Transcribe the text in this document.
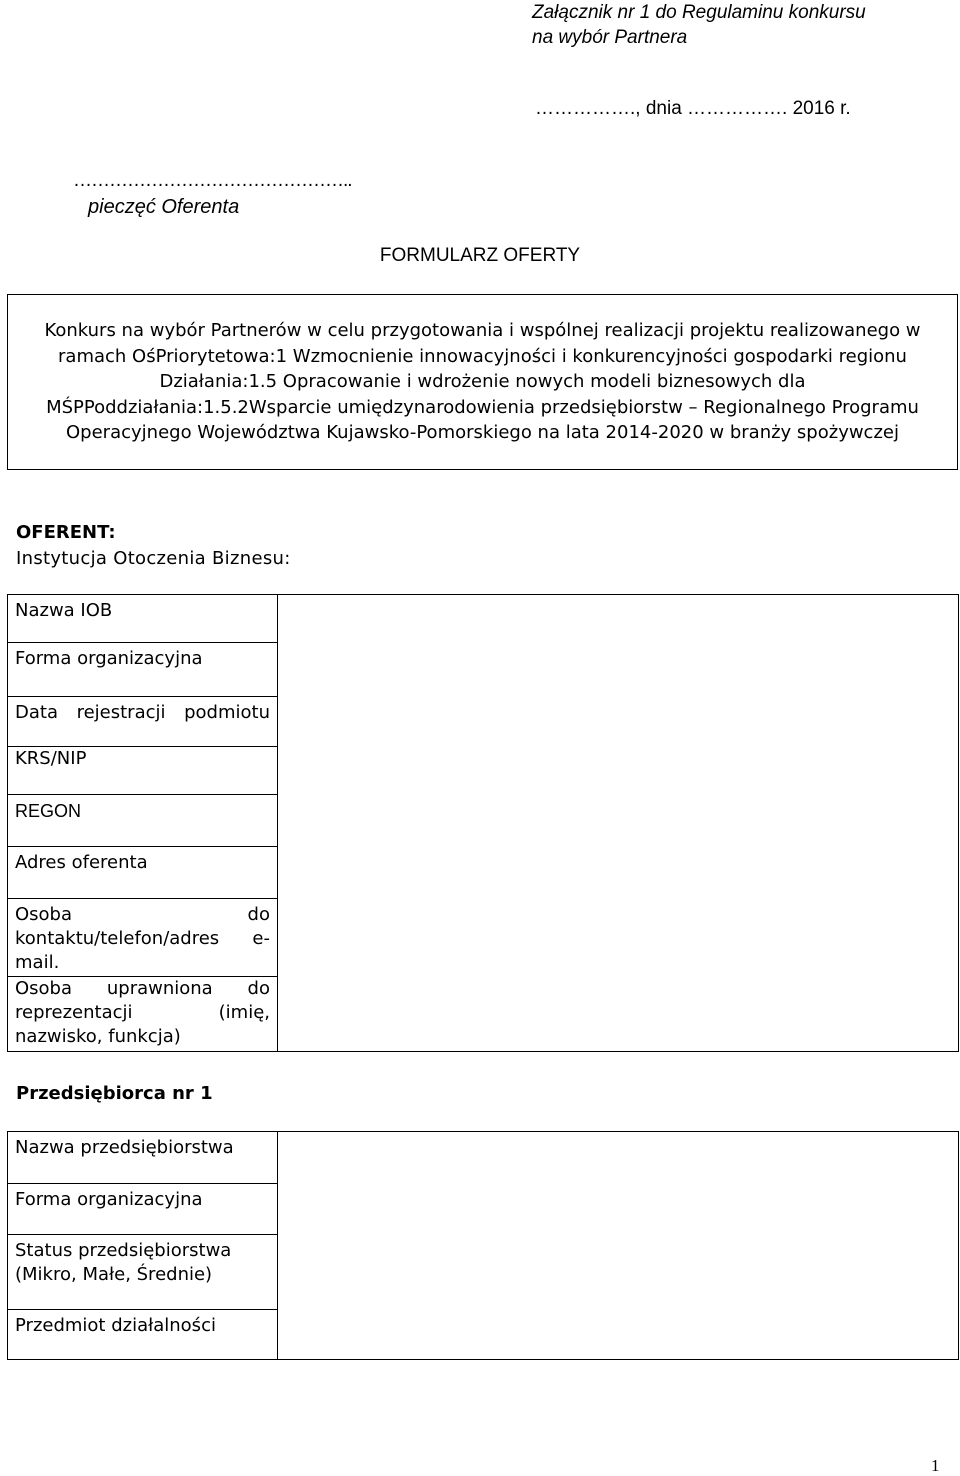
Załącznik nr 1 do Regulaminu konkursu
na wybór Partnera

……………., dnia ……………. 2016 r.

………………………………………..

pieczęć Oferenta

FORMULARZ OFERTY

Konkurs na wybór Partnerów w celu przygotowania i wspólnej realizacji projektu realizowanego w ramach OśPriorytetowa:1 Wzmocnienie innowacyjności i konkurencyjności gospodarki regionu Działania:1.5 Opracowanie i wdrożenie nowych modeli biznesowych dla MŚPPoddziałania:1.5.2Wsparcie umiędzynarodowienia przedsiębiorstw – Regionalnego Programu Operacyjnego Województwa Kujawsko-Pomorskiego na lata 2014-2020 w branży spożywczej

OFERENT:

Instytucja Otoczenia Biznesu:

Nazwa IOB

Forma organizacyjna

Data rejestracji podmiotu

KRS/NIP

REGON

Adres oferenta

Osoba do kontaktu/telefon/adres e-mail.

Osoba uprawniona do reprezentacji (imię, nazwisko, funkcja)

Przedsiębiorca nr 1

Nazwa przedsiębiorstwa

Forma organizacyjna

Status przedsiębiorstwa (Mikro, Małe, Średnie)

Przedmiot działalności

1
